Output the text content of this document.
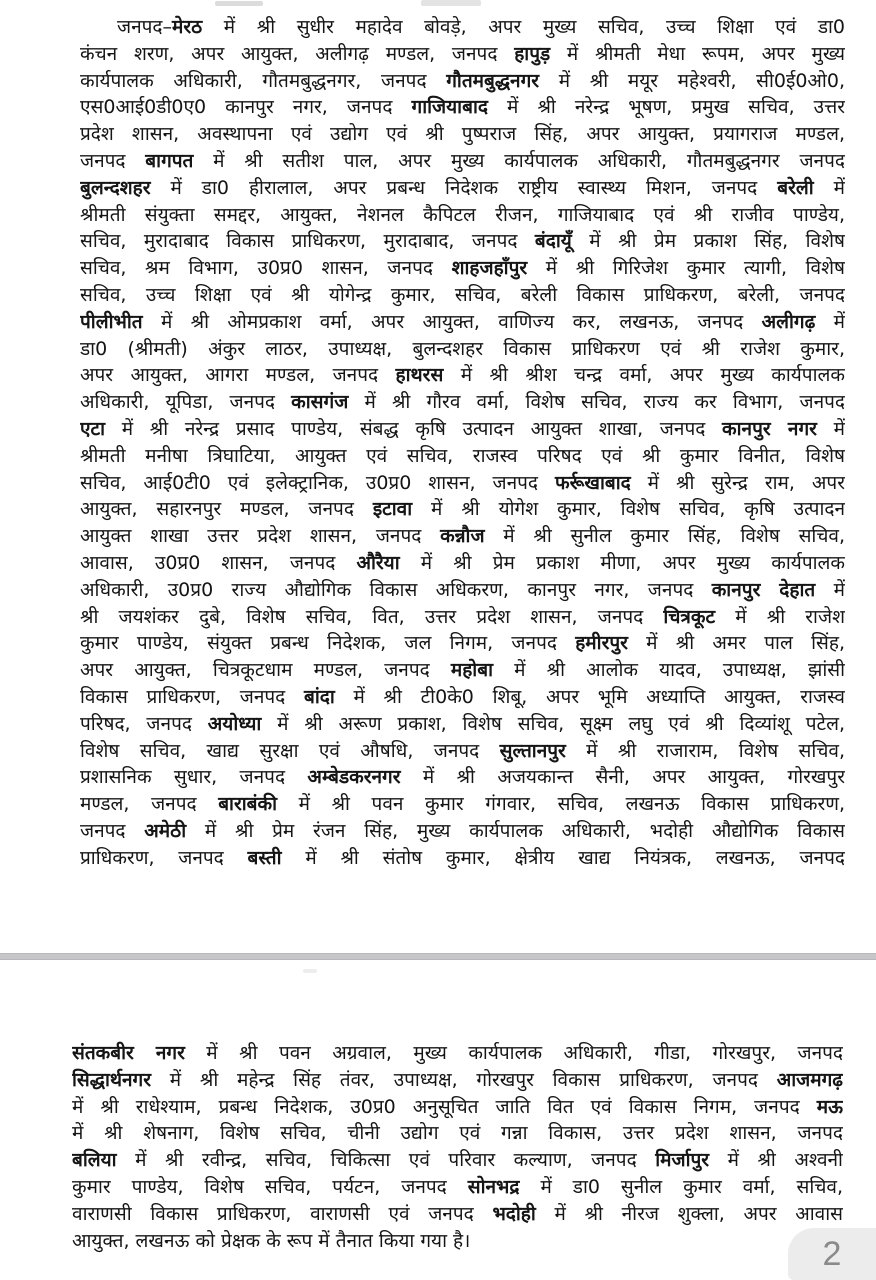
जनपद–मेरठ में श्री सुधीर महादेव बोवड़े, अपर मुख्य सचिव, उच्च शिक्षा एवं डा0
कंचन शरण, अपर आयुक्त, अलीगढ़ मण्डल, जनपद हापुड़ में श्रीमती मेधा रूपम, अपर मुख्य
कार्यपालक अधिकारी, गौतमबुद्धनगर, जनपद गौतमबुद्धनगर में श्री मयूर महेश्वरी, सी0ई0ओ0,
एस0आई0डी0ए0 कानपुर नगर, जनपद गाजियाबाद में श्री नरेन्द्र भूषण, प्रमुख सचिव, उत्तर
प्रदेश शासन, अवस्थापना एवं उद्योग एवं श्री पुष्पराज सिंह, अपर आयुक्त, प्रयागराज मण्डल,
जनपद बागपत में श्री सतीश पाल, अपर मुख्य कार्यपालक अधिकारी, गौतमबुद्धनगर जनपद
बुलन्दशहर में डा0 हीरालाल, अपर प्रबन्ध निदेशक राष्ट्रीय स्वास्थ्य मिशन, जनपद बरेली में
श्रीमती संयुक्ता समद्दर, आयुक्त, नेशनल कैपिटल रीजन, गाजियाबाद एवं श्री राजीव पाण्डेय,
सचिव, मुरादाबाद विकास प्राधिकरण, मुरादाबाद, जनपद बंदायूँ में श्री प्रेम प्रकाश सिंह, विशेष
सचिव, श्रम विभाग, उ0प्र0 शासन, जनपद शाहजहाँपुर में श्री गिरिजेश कुमार त्यागी, विशेष
सचिव, उच्च शिक्षा एवं श्री योगेन्द्र कुमार, सचिव, बरेली विकास प्राधिकरण, बरेली, जनपद
पीलीभीत में श्री ओमप्रकाश वर्मा, अपर आयुक्त, वाणिज्य कर, लखनऊ, जनपद अलीगढ़ में
डा0 (श्रीमती) अंकुर लाठर, उपाध्यक्ष, बुलन्दशहर विकास प्राधिकरण एवं श्री राजेश कुमार,
अपर आयुक्त, आगरा मण्डल, जनपद हाथरस में श्री श्रीश चन्द्र वर्मा, अपर मुख्य कार्यपालक
अधिकारी, यूपिडा, जनपद कासगंज में श्री गौरव वर्मा, विशेष सचिव, राज्य कर विभाग, जनपद
एटा में श्री नरेन्द्र प्रसाद पाण्डेय, संबद्ध कृषि उत्पादन आयुक्त शाखा, जनपद कानपुर नगर में
श्रीमती मनीषा त्रिघाटिया, आयुक्त एवं सचिव, राजस्व परिषद एवं श्री कुमार विनीत, विशेष
सचिव, आई0टी0 एवं इलेक्ट्रानिक, उ0प्र0 शासन, जनपद फर्रूखाबाद में श्री सुरेन्द्र राम, अपर
आयुक्त, सहारनपुर मण्डल, जनपद इटावा में श्री योगेश कुमार, विशेष सचिव, कृषि उत्पादन
आयुक्त शाखा उत्तर प्रदेश शासन, जनपद कन्नौज में श्री सुनील कुमार सिंह, विशेष सचिव,
आवास, उ0प्र0 शासन, जनपद औरैया में श्री प्रेम प्रकाश मीणा, अपर मुख्य कार्यपालक
अधिकारी, उ0प्र0 राज्य औद्योगिक विकास अधिकरण, कानपुर नगर, जनपद कानपुर देहात में
श्री जयशंकर दुबे, विशेष सचिव, वित, उत्तर प्रदेश शासन, जनपद चित्रकूट में श्री राजेश
कुमार पाण्डेय, संयुक्त प्रबन्ध निदेशक, जल निगम, जनपद हमीरपुर में श्री अमर पाल सिंह,
अपर आयुक्त, चित्रकूटधाम मण्डल, जनपद महोबा में श्री आलोक यादव, उपाध्यक्ष, झांसी
विकास प्राधिकरण, जनपद बांदा में श्री टी0के0 शिबू, अपर भूमि अध्याप्ति आयुक्त, राजस्व
परिषद, जनपद अयोध्या में श्री अरूण प्रकाश, विशेष सचिव, सूक्ष्म लघु एवं श्री दिव्यांशू पटेल,
विशेष सचिव, खाद्य सुरक्षा एवं औषधि, जनपद सुल्तानपुर में श्री राजाराम, विशेष सचिव,
प्रशासनिक सुधार, जनपद अम्बेडकरनगर में श्री अजयकान्त सैनी, अपर आयुक्त, गोरखपुर
मण्डल, जनपद बाराबंकी में श्री पवन कुमार गंगवार, सचिव, लखनऊ विकास प्राधिकरण,
जनपद अमेठी में श्री प्रेम रंजन सिंह, मुख्य कार्यपालक अधिकारी, भदोही औद्योगिक विकास
प्राधिकरण, जनपद बस्ती में श्री संतोष कुमार, क्षेत्रीय खाद्य नियंत्रक, लखनऊ, जनपद
संतकबीर नगर में श्री पवन अग्रवाल, मुख्य कार्यपालक अधिकारी, गीडा, गोरखपुर, जनपद
सिद्धार्थनगर में श्री महेन्द्र सिंह तंवर, उपाध्यक्ष, गोरखपुर विकास प्राधिकरण, जनपद आजमगढ़
में श्री राधेश्याम, प्रबन्ध निदेशक, उ0प्र0 अनुसूचित जाति वित एवं विकास निगम, जनपद मऊ
में श्री शेषनाग, विशेष सचिव, चीनी उद्योग एवं गन्ना विकास, उत्तर प्रदेश शासन, जनपद
बलिया में श्री रवीन्द्र, सचिव, चिकित्सा एवं परिवार कल्याण, जनपद मिर्जापुर में श्री अश्वनी
कुमार पाण्डेय, विशेष सचिव, पर्यटन, जनपद सोनभद्र में डा0 सुनील कुमार वर्मा, सचिव,
वाराणसी विकास प्राधिकरण, वाराणसी एवं जनपद भदोही में श्री नीरज शुक्ला, अपर आवास
आयुक्त, लखनऊ को प्रेक्षक के रूप में तैनात किया गया है।	2
